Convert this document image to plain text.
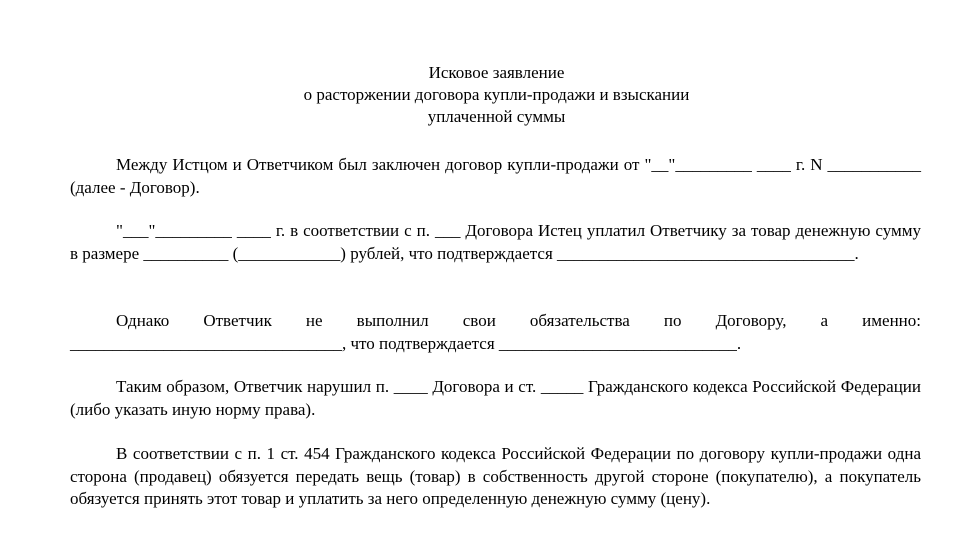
Исковое заявление
о расторжении договора купли-продажи и взыскании
уплаченной суммы

Между Истцом и Ответчиком был заключен договор купли-продажи от "__"_________ ____ г. N ___________ (далее - Договор).

"___"_________ ____ г. в соответствии с п. ___ Договора Истец уплатил Ответчику за товар денежную сумму в размере __________ (____________) рублей, что подтверждается ___________________________________.

Однако Ответчик не выполнил свои обязательства по Договору, а именно: ________________________________, что подтверждается ____________________________.

Таким образом, Ответчик нарушил п. ____ Договора и ст. _____ Гражданского кодекса Российской Федерации (либо указать иную норму права).

В соответствии с п. 1 ст. 454 Гражданского кодекса Российской Федерации по договору купли-продажи одна сторона (продавец) обязуется передать вещь (товар) в собственность другой стороне (покупателю), а покупатель обязуется принять этот товар и уплатить за него определенную денежную сумму (цену).
